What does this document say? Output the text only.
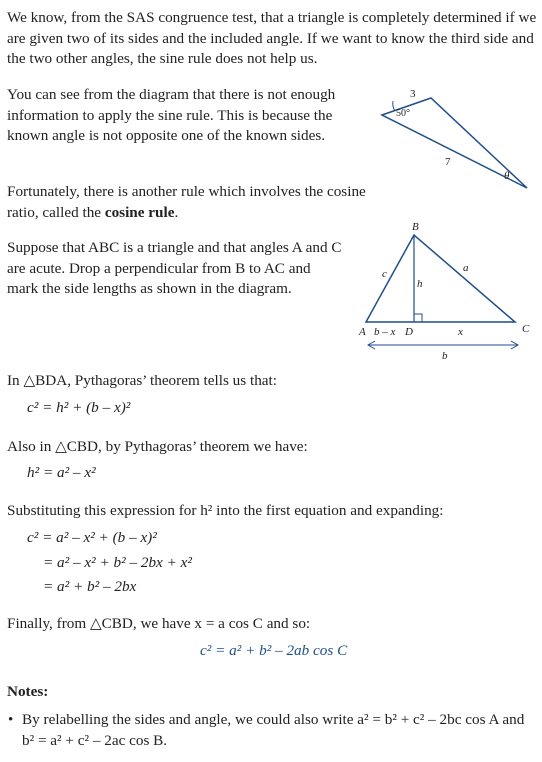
We know, from the SAS congruence test, that a triangle is completely determined if we are given two of its sides and the included angle. If we want to know the third side and the two other angles, the sine rule does not help us.

You can see from the diagram that there is not enough information to apply the sine rule. This is because the known angle is not opposite one of the known sides.

3
50°
7
θ

Fortunately, there is another rule which involves the cosine ratio, called the cosine rule.

Suppose that ABC is a triangle and that angles A and C are acute. Drop a perpendicular from B to AC and mark the side lengths as shown in the diagram.

B
c	a
h
A b – x D	x	C
b

In △BDA, Pythagoras’ theorem tells us that:

c² = h² + (b – x)²

Also in △CBD, by Pythagoras’ theorem we have:

h² = a² – x²

Substituting this expression for h² into the first equation and expanding:

c² = a² – x² + (b – x)²

= a² – x² + b² – 2bx + x²

= a² + b² – 2bx

Finally, from △CBD, we have x = a cos C and so:

c² = a² + b² – 2ab cos C

Notes:

• By relabelling the sides and angle, we could also write a² = b² + c² – 2bc cos A and b² = a² + c² – 2ac cos B.
